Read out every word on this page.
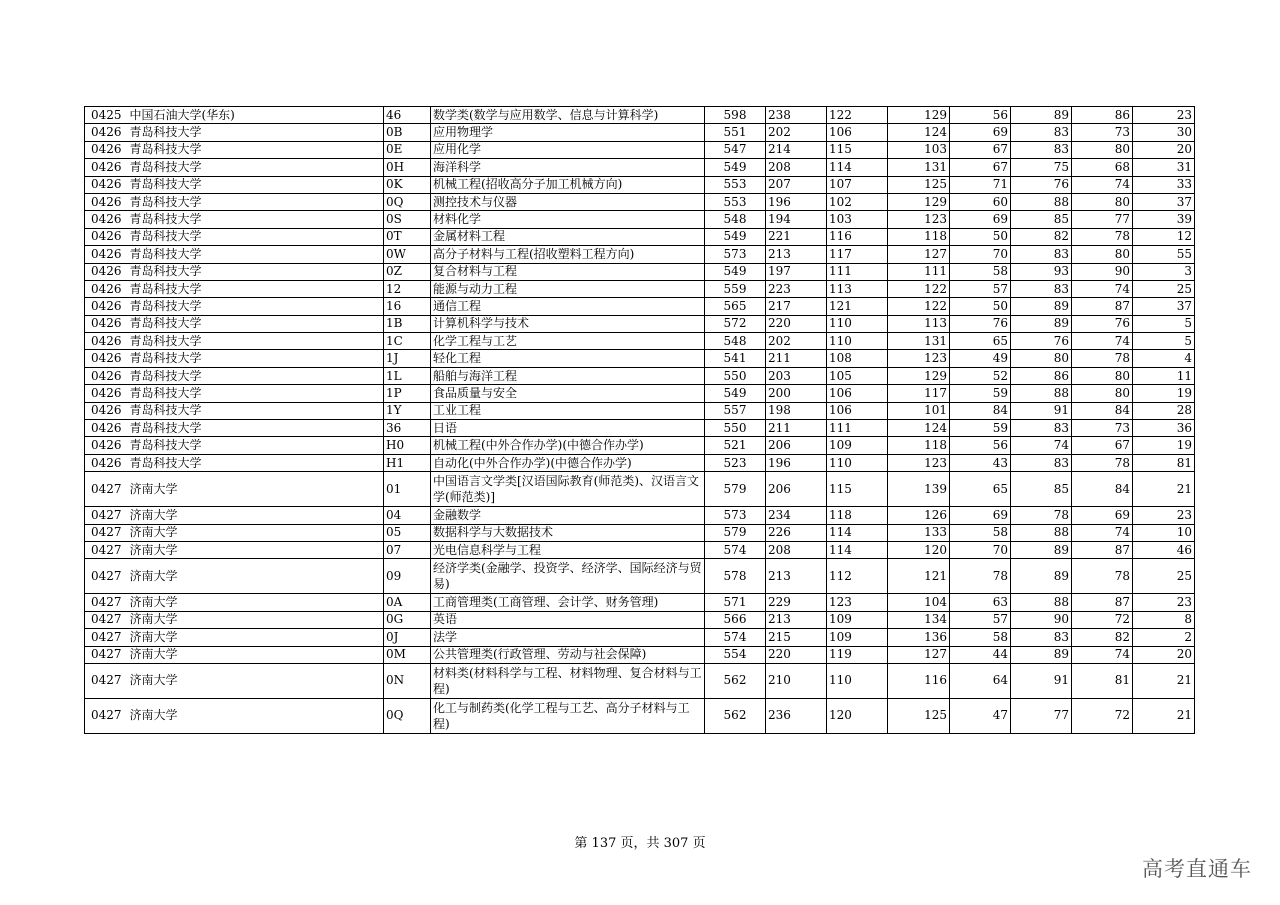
0425	中国石油大学(华东)	46	数学类(数学与应用数学、信息与计算科学)	598	238	122	129	56	89	86	23
0426	青岛科技大学	0B	应用物理学	551	202	106	124	69	83	73	30
0426	青岛科技大学	0E	应用化学	547	214	115	103	67	83	80	20
0426	青岛科技大学	0H	海洋科学	549	208	114	131	67	75	68	31
0426	青岛科技大学	0K	机械工程(招收高分子加工机械方向)	553	207	107	125	71	76	74	33
0426	青岛科技大学	0Q	测控技术与仪器	553	196	102	129	60	88	80	37
0426	青岛科技大学	0S	材料化学	548	194	103	123	69	85	77	39
0426	青岛科技大学	0T	金属材料工程	549	221	116	118	50	82	78	12
0426	青岛科技大学	0W	高分子材料与工程(招收塑料工程方向)	573	213	117	127	70	83	80	55
0426	青岛科技大学	0Z	复合材料与工程	549	197	111	111	58	93	90	3
0426	青岛科技大学	12	能源与动力工程	559	223	113	122	57	83	74	25
0426	青岛科技大学	16	通信工程	565	217	121	122	50	89	87	37
0426	青岛科技大学	1B	计算机科学与技术	572	220	110	113	76	89	76	5
0426	青岛科技大学	1C	化学工程与工艺	548	202	110	131	65	76	74	5
0426	青岛科技大学	1J	轻化工程	541	211	108	123	49	80	78	4
0426	青岛科技大学	1L	船舶与海洋工程	550	203	105	129	52	86	80	11
0426	青岛科技大学	1P	食品质量与安全	549	200	106	117	59	88	80	19
0426	青岛科技大学	1Y	工业工程	557	198	106	101	84	91	84	28
0426	青岛科技大学	36	日语	550	211	111	124	59	83	73	36
0426	青岛科技大学	H0	机械工程(中外合作办学)(中德合作办学)	521	206	109	118	56	74	67	19
0426	青岛科技大学	H1	自动化(中外合作办学)(中德合作办学)	523	196	110	123	43	83	78	81
0427	济南大学	01	中国语言文学类[汉语国际教育(师范类)、汉语言文学(师范类)]	579	206	115	139	65	85	84	21
0427	济南大学	04	金融数学	573	234	118	126	69	78	69	23
0427	济南大学	05	数据科学与大数据技术	579	226	114	133	58	88	74	10
0427	济南大学	07	光电信息科学与工程	574	208	114	120	70	89	87	46
0427	济南大学	09	经济学类(金融学、投资学、经济学、国际经济与贸易)	578	213	112	121	78	89	78	25
0427	济南大学	0A	工商管理类(工商管理、会计学、财务管理)	571	229	123	104	63	88	87	23
0427	济南大学	0G	英语	566	213	109	134	57	90	72	8
0427	济南大学	0J	法学	574	215	109	136	58	83	82	2
0427	济南大学	0M	公共管理类(行政管理、劳动与社会保障)	554	220	119	127	44	89	74	20
0427	济南大学	0N	材料类(材料科学与工程、材料物理、复合材料与工程)	562	210	110	116	64	91	81	21
0427	济南大学	0Q	化工与制药类(化学工程与工艺、高分子材料与工程)	562	236	120	125	47	77	72	21
第 137 页，共 307 页
高考直通车
